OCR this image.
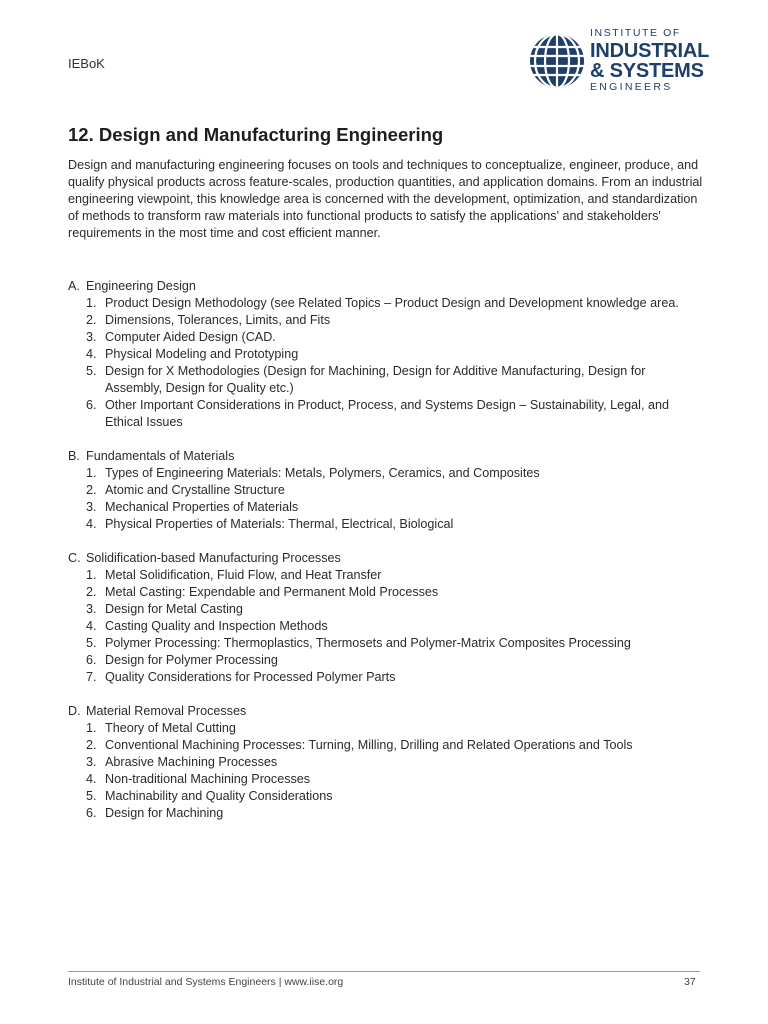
IEBoK
INSTITUTE OF
INDUSTRIAL
& SYSTEMS
ENGINEERS
12. Design and Manufacturing Engineering

Design and manufacturing engineering focuses on tools and techniques to conceptualize, engineer, produce, and qualify physical products across feature-scales, production quantities, and application domains. From an industrial engineering viewpoint, this knowledge area is concerned with the development, optimization, and standardization of methods to transform raw materials into functional products to satisfy the applications' and stakeholders' requirements in the most time and cost efficient manner.

A. Engineering Design
1. Product Design Methodology (see Related Topics – Product Design and Development knowledge area.
2. Dimensions, Tolerances, Limits, and Fits
3. Computer Aided Design (CAD.
4. Physical Modeling and Prototyping
5. Design for X Methodologies (Design for Machining, Design for Additive Manufacturing, Design for Assembly, Design for Quality etc.)
6. Other Important Considerations in Product, Process, and Systems Design – Sustainability, Legal, and Ethical Issues
B. Fundamentals of Materials
1. Types of Engineering Materials: Metals, Polymers, Ceramics, and Composites
2. Atomic and Crystalline Structure
3. Mechanical Properties of Materials
4. Physical Properties of Materials: Thermal, Electrical, Biological
C. Solidification-based Manufacturing Processes
1. Metal Solidification, Fluid Flow, and Heat Transfer
2. Metal Casting: Expendable and Permanent Mold Processes
3. Design for Metal Casting
4. Casting Quality and Inspection Methods
5. Polymer Processing: Thermoplastics, Thermosets and Polymer-Matrix Composites Processing
6. Design for Polymer Processing
7. Quality Considerations for Processed Polymer Parts
D. Material Removal Processes
1. Theory of Metal Cutting
2. Conventional Machining Processes: Turning, Milling, Drilling and Related Operations and Tools
3. Abrasive Machining Processes
4. Non-traditional Machining Processes
5. Machinability and Quality Considerations
6. Design for Machining
Institute of Industrial and Systems Engineers | www.iise.org	37
